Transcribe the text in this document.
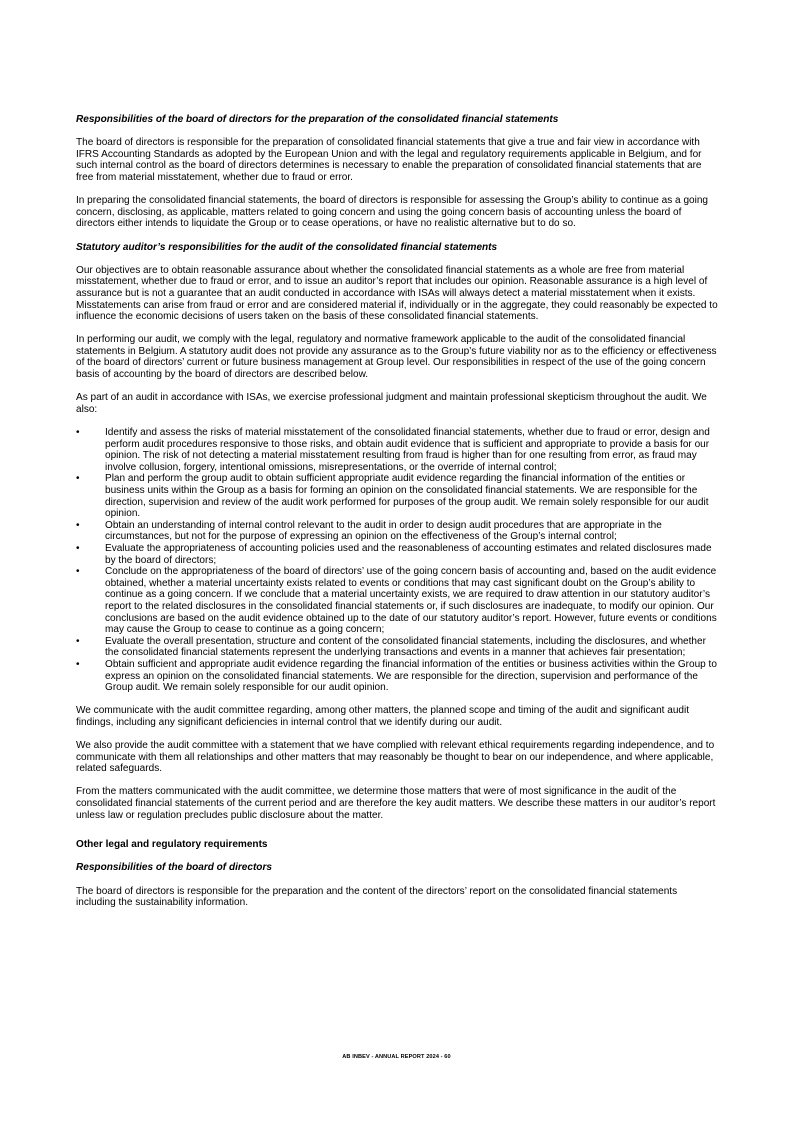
Responsibilities of the board of directors for the preparation of the consolidated financial statements

The board of directors is responsible for the preparation of consolidated financial statements that give a true and fair view in accordance with IFRS Accounting Standards as adopted by the European Union and with the legal and regulatory requirements applicable in Belgium, and for such internal control as the board of directors determines is necessary to enable the preparation of consolidated financial statements that are free from material misstatement, whether due to fraud or error.

In preparing the consolidated financial statements, the board of directors is responsible for assessing the Group’s ability to continue as a going concern, disclosing, as applicable, matters related to going concern and using the going concern basis of accounting unless the board of directors either intends to liquidate the Group or to cease operations, or have no realistic alternative but to do so.

Statutory auditor’s responsibilities for the audit of the consolidated financial statements

Our objectives are to obtain reasonable assurance about whether the consolidated financial statements as a whole are free from material misstatement, whether due to fraud or error, and to issue an auditor’s report that includes our opinion. Reasonable assurance is a high level of assurance but is not a guarantee that an audit conducted in accordance with ISAs will always detect a material misstatement when it exists. Misstatements can arise from fraud or error and are considered material if, individually or in the aggregate, they could reasonably be expected to influence the economic decisions of users taken on the basis of these consolidated financial statements.

In performing our audit, we comply with the legal, regulatory and normative framework applicable to the audit of the consolidated financial statements in Belgium. A statutory audit does not provide any assurance as to the Group’s future viability nor as to the efficiency or effectiveness of the board of directors’ current or future business management at Group level. Our responsibilities in respect of the use of the going concern basis of accounting by the board of directors are described below.

As part of an audit in accordance with ISAs, we exercise professional judgment and maintain professional skepticism throughout the audit. We also:

•	Identify and assess the risks of material misstatement of the consolidated financial statements, whether due to fraud or error, design and perform audit procedures responsive to those risks, and obtain audit evidence that is sufficient and appropriate to provide a basis for our opinion. The risk of not detecting a material misstatement resulting from fraud is higher than for one resulting from error, as fraud may involve collusion, forgery, intentional omissions, misrepresentations, or the override of internal control;
•	Plan and perform the group audit to obtain sufficient appropriate audit evidence regarding the financial information of the entities or business units within the Group as a basis for forming an opinion on the consolidated financial statements. We are responsible for the direction, supervision and review of the audit work performed for purposes of the group audit. We remain solely responsible for our audit opinion.
•	Obtain an understanding of internal control relevant to the audit in order to design audit procedures that are appropriate in the circumstances, but not for the purpose of expressing an opinion on the effectiveness of the Group’s internal control;
•	Evaluate the appropriateness of accounting policies used and the reasonableness of accounting estimates and related disclosures made by the board of directors;
•	Conclude on the appropriateness of the board of directors’ use of the going concern basis of accounting and, based on the audit evidence obtained, whether a material uncertainty exists related to events or conditions that may cast significant doubt on the Group’s ability to continue as a going concern. If we conclude that a material uncertainty exists, we are required to draw attention in our statutory auditor’s report to the related disclosures in the consolidated financial statements or, if such disclosures are inadequate, to modify our opinion. Our conclusions are based on the audit evidence obtained up to the date of our statutory auditor’s report. However, future events or conditions may cause the Group to cease to continue as a going concern;
•	Evaluate the overall presentation, structure and content of the consolidated financial statements, including the disclosures, and whether the consolidated financial statements represent the underlying transactions and events in a manner that achieves fair presentation;
•	Obtain sufficient and appropriate audit evidence regarding the financial information of the entities or business activities within the Group to express an opinion on the consolidated financial statements. We are responsible for the direction, supervision and performance of the Group audit. We remain solely responsible for our audit opinion.

We communicate with the audit committee regarding, among other matters, the planned scope and timing of the audit and significant audit findings, including any significant deficiencies in internal control that we identify during our audit.

We also provide the audit committee with a statement that we have complied with relevant ethical requirements regarding independence, and to communicate with them all relationships and other matters that may reasonably be thought to bear on our independence, and where applicable, related safeguards.

From the matters communicated with the audit committee, we determine those matters that were of most significance in the audit of the consolidated financial statements of the current period and are therefore the key audit matters. We describe these matters in our auditor’s report unless law or regulation precludes public disclosure about the matter.

Other legal and regulatory requirements
Responsibilities of the board of directors

The board of directors is responsible for the preparation and the content of the directors’ report on the consolidated financial statements including the sustainability information.

AB INBEV - ANNUAL REPORT 2024 - 60
